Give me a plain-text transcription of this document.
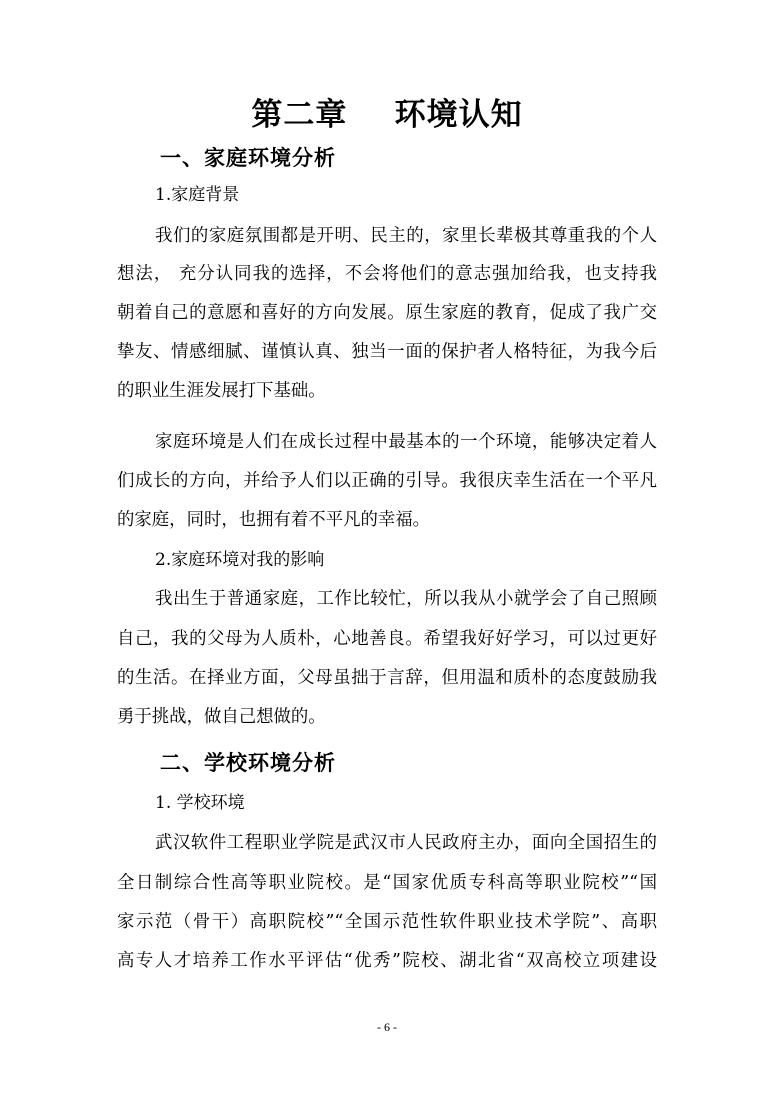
第二章    环境认知
一、家庭环境分析
1.家庭背景
我们的家庭氛围都是开明、民主的，家里长辈极其尊重我的个人
想法， 充分认同我的选择，不会将他们的意志强加给我，也支持我
朝着自己的意愿和喜好的方向发展。原生家庭的教育，促成了我广交
挚友、情感细腻、谨慎认真、独当一面的保护者人格特征，为我今后
的职业生涯发展打下基础。
家庭环境是人们在成长过程中最基本的一个环境，能够决定着人
们成长的方向，并给予人们以正确的引导。我很庆幸生活在一个平凡
的家庭，同时，也拥有着不平凡的幸福。
2.家庭环境对我的影响
我出生于普通家庭，工作比较忙，所以我从小就学会了自己照顾
自己，我的父母为人质朴，心地善良。希望我好好学习，可以过更好
的生活。在择业方面，父母虽拙于言辞，但用温和质朴的态度鼓励我
勇于挑战，做自己想做的。
二、学校环境分析
1. 学校环境
武汉软件工程职业学院是武汉市人民政府主办，面向全国招生的
全日制综合性高等职业院校。是“国家优质专科高等职业院校”“国
家示范（骨干）高职院校”“全国示范性软件职业技术学院”、高职
高专人才培养工作水平评估“优秀”院校、湖北省“双高校立项建设
- 6 -
